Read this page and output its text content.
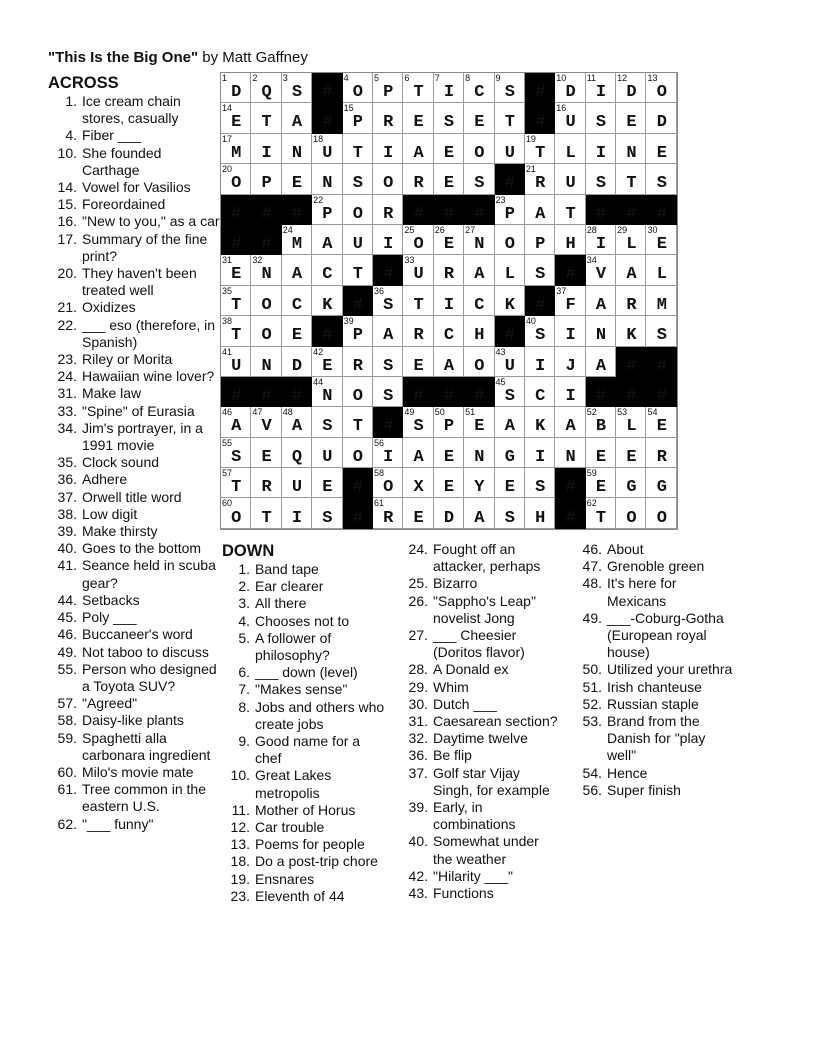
"This Is the Big One" by Matt Gaffney
ACROSS
1. Ice cream chain stores, casually
4. Fiber ___
10. She founded Carthage
14. Vowel for Vasilios
15. Foreordained
16. "New to you," as a car
17. Summary of the fine print?
20. They haven't been treated well
21. Oxidizes
22. ___ eso (therefore, in Spanish)
23. Riley or Morita
24. Hawaiian wine lover?
31. Make law
33. "Spine" of Eurasia
34. Jim's portrayer, in a 1991 movie
35. Clock sound
36. Adhere
37. Orwell title word
38. Low digit
39. Make thirsty
40. Goes to the bottom
41. Seance held in scuba gear?
44. Setbacks
45. Poly ___
46. Buccaneer's word
49. Not taboo to discuss
55. Person who designed a Toyota SUV?
57. "Agreed"
58. Daisy-like plants
59. Spaghetti alla carbonara ingredient
60. Milo's movie mate
61. Tree common in the eastern U.S.
62. "___ funny"
1	2	3	4	5	6	7	8	9	10 11 12 13
14	15	16
17	18	19
20	21
22	23
24	25 26 27	28 29 30
31 32	33	34
35	36	37
38	39	40
41	42	43
44	45
46 47 48	49 50 51	52 53 54
55	56
57	58	59
60	61	62
DQS#OPTICS#DIDO
ETA#PRESET#USED
MINUTIAEOUTLINE
OPENSORES#RUSTS
###POR###PAT###
##MAUIOENOPHILE
ENACT#URALS#VAL
TOCK#STICK#FARM
TOE#PARCH#SINKS
UNDERSEAOUIJA##
###NOS###SCI###
AVAST#SPEAKABLE
SEQUOIAENGINEER
TRUE#OXEYES#EGG
OTIS#REDASH#TOO
DOWN
1. Band tape
2. Ear clearer
3. All there
4. Chooses not to
5. A follower of philosophy?
6. ___ down (level)
7. "Makes sense"
8. Jobs and others who create jobs
9. Good name for a chef
10. Great Lakes metropolis
11. Mother of Horus
12. Car trouble
13. Poems for people
18. Do a post-trip chore
19. Ensnares
23. Eleventh of 44
24. Fought off an attacker, perhaps
25. Bizarro
26. "Sappho's Leap" novelist Jong
27. ___ Cheesier (Doritos flavor)
28. A Donald ex
29. Whim
30. Dutch ___
31. Caesarean section?
32. Daytime twelve
36. Be flip
37. Golf star Vijay Singh, for example
39. Early, in combinations
40. Somewhat under the weather
42. "Hilarity ___"
43. Functions
46. About
47. Grenoble green
48. It's here for Mexicans
49. ___-Coburg-Gotha (European royal house)
50. Utilized your urethra
51. Irish chanteuse
52. Russian staple
53. Brand from the Danish for "play well"
54. Hence
56. Super finish
